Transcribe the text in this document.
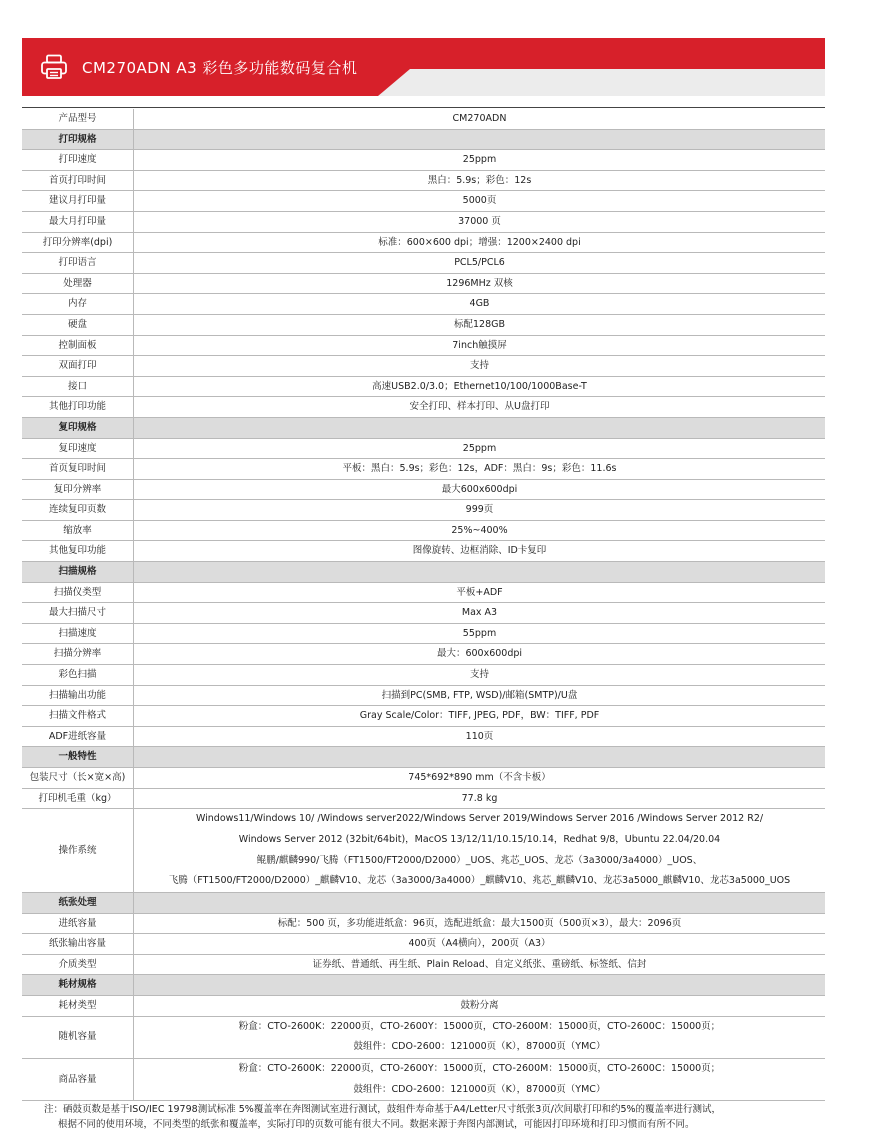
CM270ADN A3 彩色多功能数码复合机
产品型号	CM270ADN
打印规格	
打印速度	25ppm
首页打印时间	黑白：5.9s；彩色：12s
建议月打印量	5000页
最大月打印量	37000 页
打印分辨率(dpi)	标准：600×600 dpi；增强：1200×2400 dpi
打印语言	PCL5/PCL6
处理器	1296MHz 双核
内存	4GB
硬盘	标配128GB
控制面板	7inch触摸屏
双面打印	支持
接口	高速USB2.0/3.0；Ethernet10/100/1000Base-T
其他打印功能	安全打印、样本打印、从U盘打印
复印规格	
复印速度	25ppm
首页复印时间	平板：黑白：5.9s；彩色：12s，ADF：黑白：9s；彩色：11.6s
复印分辨率	最大600x600dpi
连续复印页数	999页
缩放率	25%~400%
其他复印功能	图像旋转、边框消除、ID卡复印
扫描规格	
扫描仪类型	平板+ADF
最大扫描尺寸	Max A3
扫描速度	55ppm
扫描分辨率	最大：600x600dpi
彩色扫描	支持
扫描输出功能	扫描到PC(SMB, FTP, WSD)/邮箱(SMTP)/U盘
扫描文件格式	Gray Scale/Color：TIFF, JPEG, PDF，BW：TIFF, PDF
ADF进纸容量	110页
一般特性	
包装尺寸（长×宽×高)	745*692*890 mm（不含卡板）
打印机毛重（kg）	77.8 kg
操作系统	Windows11/Windows 10/ /Windows server2022/Windows Server 2019/Windows Server 2016 /Windows Server 2012 R2/
Windows Server 2012 (32bit/64bit)，MacOS 13/12/11/10.15/10.14，Redhat 9/8，Ubuntu 22.04/20.04
鲲鹏/麒麟990/飞腾（FT1500/FT2000/D2000）_UOS、兆芯_UOS、龙芯（3a3000/3a4000）_UOS、
飞腾（FT1500/FT2000/D2000）_麒麟V10、龙芯（3a3000/3a4000）_麒麟V10、兆芯_麒麟V10、龙芯3a5000_麒麟V10、龙芯3a5000_UOS

纸张处理	
进纸容量	标配：500 页，多功能进纸盒：96页，选配进纸盒：最大1500页（500页×3），最大：2096页
纸张输出容量	400页（A4横向），200页（A3）
介质类型	证券纸、普通纸、再生纸、Plain Reload、自定义纸张、重磅纸、标签纸、信封
耗材规格	
耗材类型	鼓粉分离
随机容量	粉盒：CTO-2600K：22000页，CTO-2600Y：15000页，CTO-2600M：15000页，CTO-2600C：15000页；
鼓组件：CDO-2600：121000页（K），87000页（YMC）

商品容量	粉盒：CTO-2600K：22000页，CTO-2600Y：15000页，CTO-2600M：15000页，CTO-2600C：15000页；
鼓组件：CDO-2600：121000页（K），87000页（YMC）
注：硒鼓页数是基于ISO/IEC 19798测试标准 5%覆盖率在奔图测试室进行测试，鼓组件寿命基于A4/Letter尺寸纸张3页/次间歇打印和约5%的覆盖率进行测试，
根据不同的使用环境，不同类型的纸张和覆盖率，实际打印的页数可能有很大不同。数据来源于奔图内部测试，可能因打印环境和打印习惯而有所不同。
